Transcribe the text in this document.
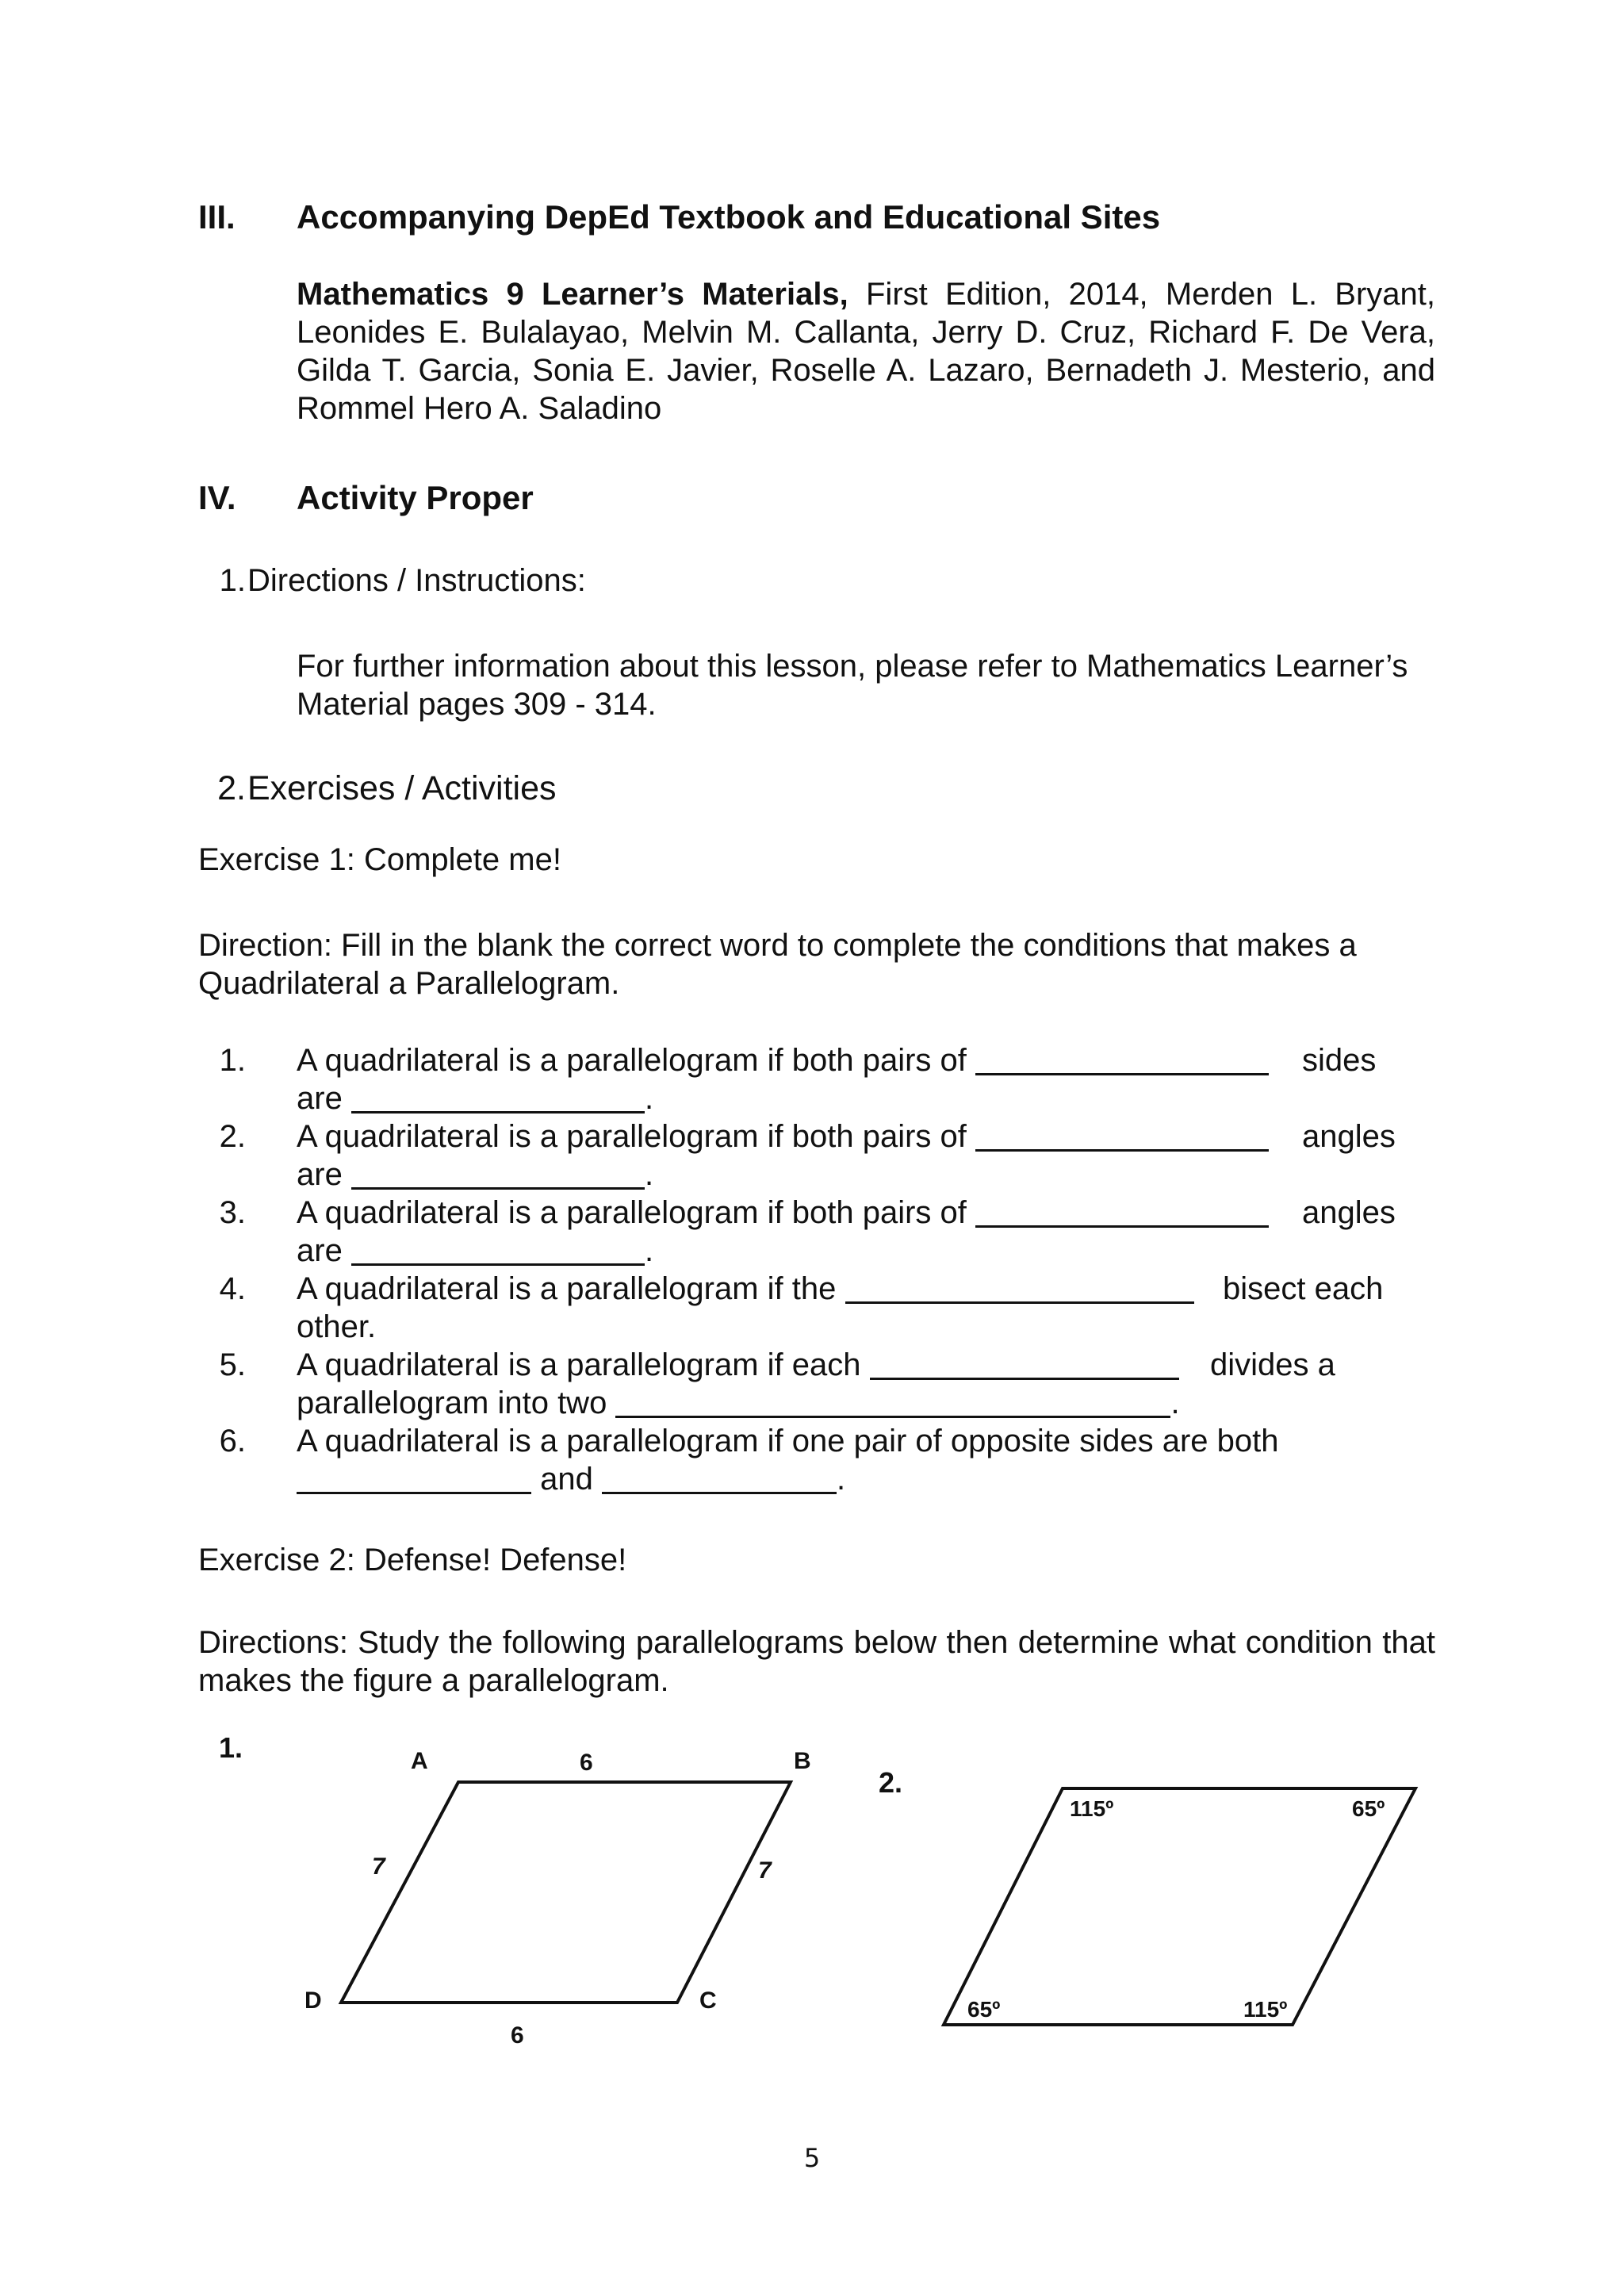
III. Accompanying DepEd Textbook and Educational Sites

Mathematics 9 Learner’s Materials, First Edition, 2014, Merden L. Bryant, Leonides E. Bulalayao, Melvin M. Callanta, Jerry D. Cruz, Richard F. De Vera, Gilda T. Garcia, Sonia E. Javier, Roselle A. Lazaro, Bernadeth J. Mesterio, and Rommel Hero A. Saladino

IV. Activity Proper
1. Directions / Instructions:

For further information about this lesson, please refer to Mathematics Learner’s Material pages 309 - 314.

2. Exercises / Activities
Exercise 1: Complete me!

Direction: Fill in the blank the correct word to complete the conditions that makes a Quadrilateral a Parallelogram.

1. A quadrilateral is a parallelogram if both pairs of	sides
are	.
2. A quadrilateral is a parallelogram if both pairs of	angles
are	.
3. A quadrilateral is a parallelogram if both pairs of	angles
are	.
4. A quadrilateral is a parallelogram if the	bisect each
other.
5. A quadrilateral is a parallelogram if each	divides a
parallelogram into two	.
6. A quadrilateral is a parallelogram if one pair of opposite sides are both
and	.
Exercise 2: Defense! Defense!

Directions: Study the following parallelograms below then determine what condition that makes the figure a parallelogram.

1.	A	B
C
D
6
6
7	7
2.
115º	65º
65º	115º
5
